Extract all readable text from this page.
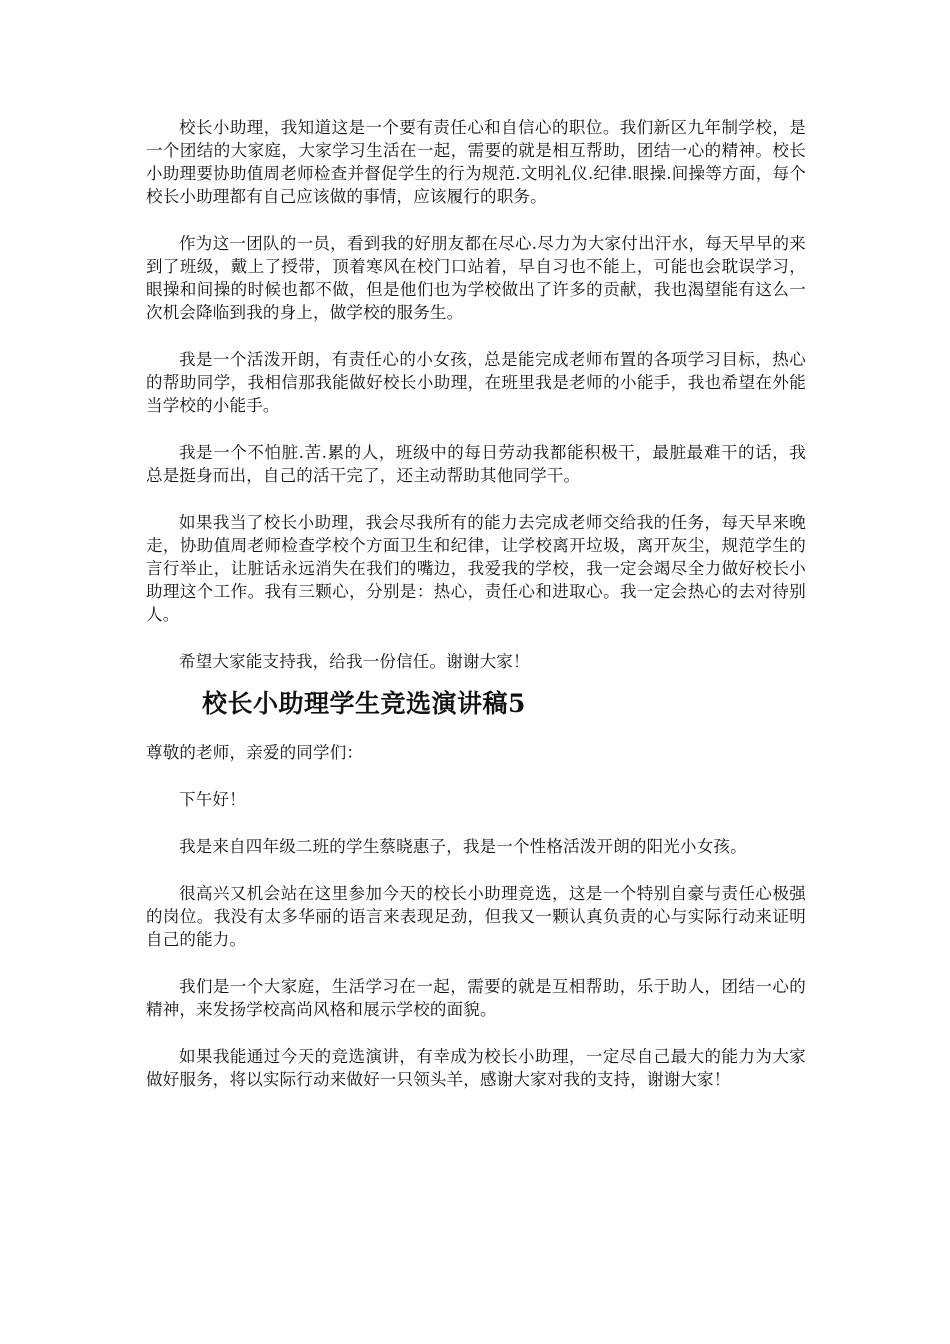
校长小助理，我知道这是一个要有责任心和自信心的职位。我们新区九年制学校，是一个团结的大家庭，大家学习生活在一起，需要的就是相互帮助，团结一心的精神。校长小助理要协助值周老师检查并督促学生的行为规范.文明礼仪.纪律.眼操.间操等方面，每个校长小助理都有自己应该做的事情，应该履行的职务。

作为这一团队的一员，看到我的好朋友都在尽心.尽力为大家付出汗水，每天早早的来到了班级，戴上了授带，顶着寒风在校门口站着，早自习也不能上，可能也会耽误学习，眼操和间操的时候也都不做，但是他们也为学校做出了许多的贡献，我也渴望能有这么一次机会降临到我的身上，做学校的服务生。

我是一个活泼开朗，有责任心的小女孩，总是能完成老师布置的各项学习目标，热心的帮助同学，我相信那我能做好校长小助理，在班里我是老师的小能手，我也希望在外能当学校的小能手。

我是一个不怕脏.苦.累的人，班级中的每日劳动我都能积极干，最脏最难干的话，我总是挺身而出，自己的活干完了，还主动帮助其他同学干。

如果我当了校长小助理，我会尽我所有的能力去完成老师交给我的任务，每天早来晚走，协助值周老师检查学校个方面卫生和纪律，让学校离开垃圾，离开灰尘，规范学生的言行举止，让脏话永远消失在我们的嘴边，我爱我的学校，我一定会竭尽全力做好校长小助理这个工作。我有三颗心，分别是：热心，责任心和进取心。我一定会热心的去对待别人。

希望大家能支持我，给我一份信任。谢谢大家！

校长小助理学生竞选演讲稿5

尊敬的老师，亲爱的同学们：

下午好！

我是来自四年级二班的学生蔡晓惠子，我是一个性格活泼开朗的阳光小女孩。

很高兴又机会站在这里参加今天的校长小助理竞选，这是一个特别自豪与责任心极强的岗位。我没有太多华丽的语言来表现足劲，但我又一颗认真负责的心与实际行动来证明自己的能力。

我们是一个大家庭，生活学习在一起，需要的就是互相帮助，乐于助人，团结一心的精神，来发扬学校高尚风格和展示学校的面貌。

如果我能通过今天的竞选演讲，有幸成为校长小助理，一定尽自己最大的能力为大家做好服务，将以实际行动来做好一只领头羊，感谢大家对我的支持，谢谢大家！
